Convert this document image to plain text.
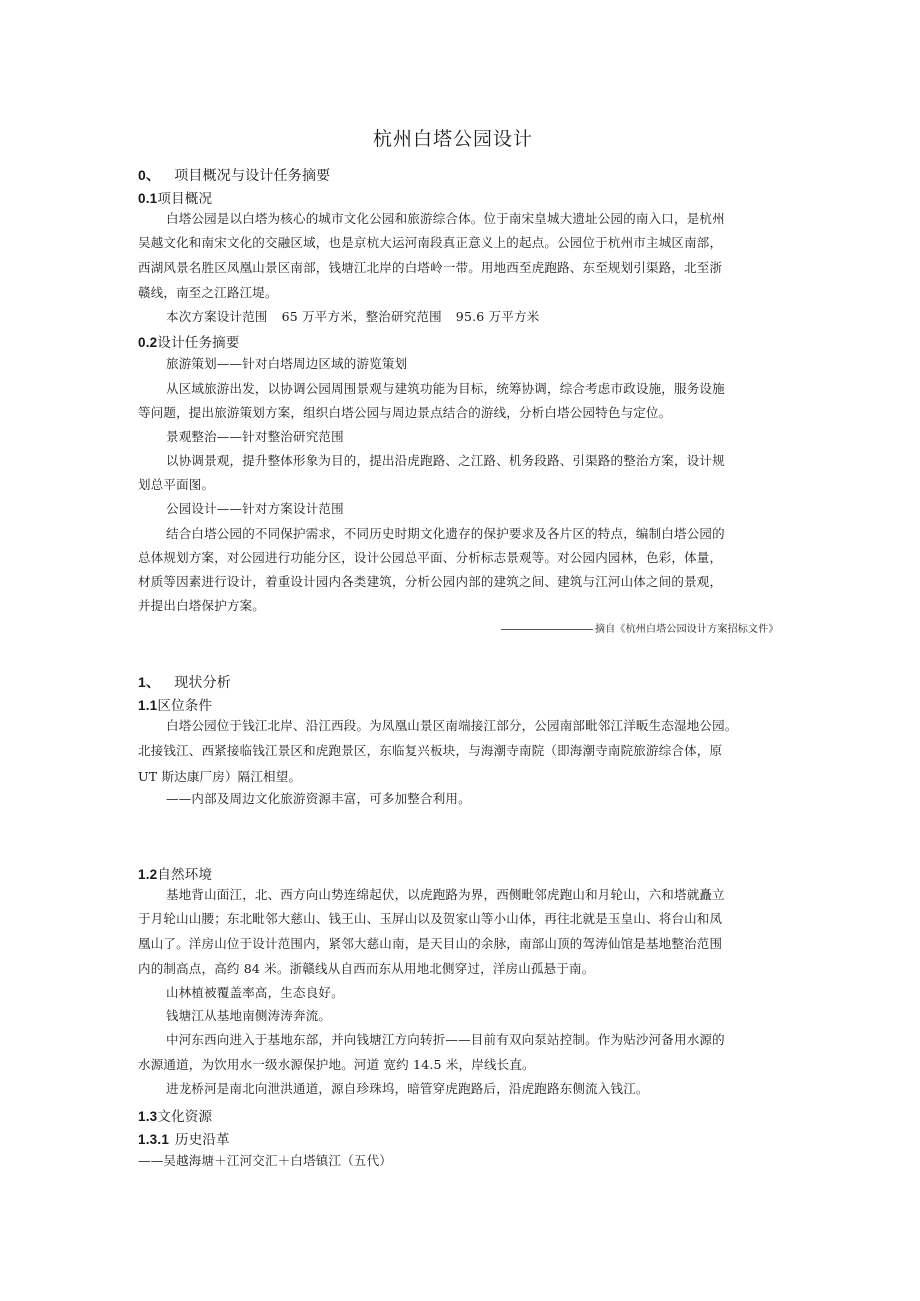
杭州白塔公园设计
0、 项目概况与设计任务摘要
0.1项目概况
白塔公园是以白塔为核心的城市文化公园和旅游综合体。位于南宋皇城大遗址公园的南入口，是杭州
吴越文化和南宋文化的交融区域，也是京杭大运河南段真正意义上的起点。公园位于杭州市主城区南部，
西湖风景名胜区凤凰山景区南部，钱塘江北岸的白塔岭一带。用地西至虎跑路、东至规划引渠路，北至浙
赣线，南至之江路江堤。
本次方案设计范围 65 万平方米，整治研究范围 95.6 万平方米
0.2设计任务摘要
旅游策划——针对白塔周边区域的游览策划
从区域旅游出发，以协调公园周围景观与建筑功能为目标，统筹协调，综合考虑市政设施，服务设施
等问题，提出旅游策划方案，组织白塔公园与周边景点结合的游线，分析白塔公园特色与定位。
景观整治——针对整治研究范围
以协调景观，提升整体形象为目的，提出沿虎跑路、之江路、机务段路、引渠路的整治方案，设计规
划总平面图。
公园设计——针对方案设计范围
结合白塔公园的不同保护需求，不同历史时期文化遗存的保护要求及各片区的特点，编制白塔公园的
总体规划方案，对公园进行功能分区，设计公园总平面、分析标志景观等。对公园内园林，色彩，体量，
材质等因素进行设计，着重设计园内各类建筑，分析公园内部的建筑之间、建筑与江河山体之间的景观，
并提出白塔保护方案。
摘自《杭州白塔公园设计方案招标文件》
1、 现状分析
1.1区位条件
白塔公园位于钱江北岸、沿江西段。为凤凰山景区南端接江部分，公园南部毗邻江洋畈生态湿地公园。
北接钱江、西紧接临钱江景区和虎跑景区，东临复兴板块，与海潮寺南院（即海潮寺南院旅游综合体，原
UT 斯达康厂房）隔江相望。
——内部及周边文化旅游资源丰富，可多加整合利用。
1.2自然环境
基地背山面江，北、西方向山势连绵起伏，以虎跑路为界，西侧毗邻虎跑山和月轮山，六和塔就矗立
于月轮山山腰；东北毗邻大慈山、钱王山、玉屏山以及贺家山等小山体，再往北就是玉皇山、将台山和凤
凰山了。洋房山位于设计范围内，紧邻大慈山南，是天目山的余脉，南部山顶的驾涛仙馆是基地整治范围
内的制高点，高约 84 米。浙赣线从自西而东从用地北侧穿过，洋房山孤悬于南。
山林植被覆盖率高，生态良好。
钱塘江从基地南侧涛涛奔流。
中河东西向进入于基地东部，并向钱塘江方向转折——目前有双向泵站控制。作为贴沙河备用水源的
水源通道，为饮用水一级水源保护地。河道 宽约 14.5 米，岸线长直。
进龙桥河是南北向泄洪通道，源自珍珠坞，暗管穿虎跑路后，沿虎跑路东侧流入钱江。
1.3文化资源
1.3.1 历史沿革
——吴越海塘＋江河交汇＋白塔镇江（五代）
